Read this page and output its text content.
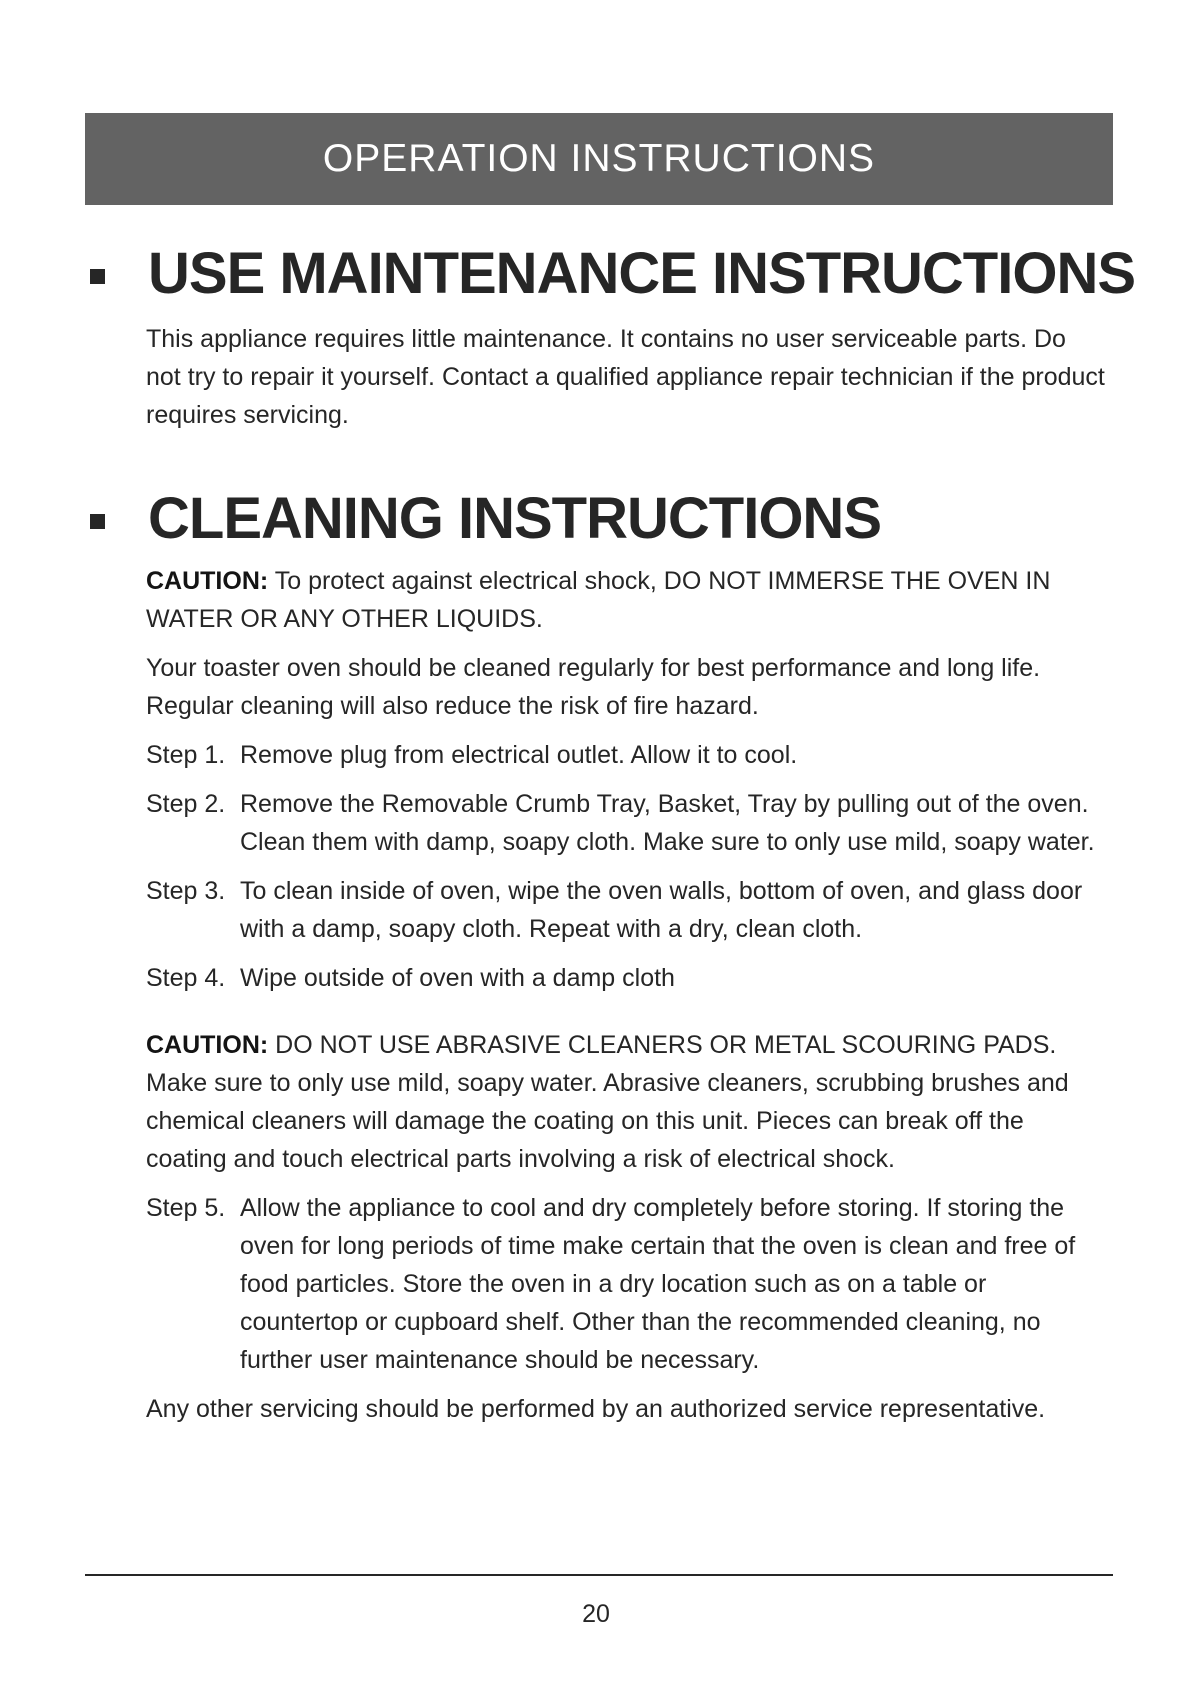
OPERATION INSTRUCTIONS
USE MAINTENANCE INSTRUCTIONS

This appliance requires little maintenance. It contains no user serviceable parts. Do not try to repair it yourself. Contact a qualified appliance repair technician if the product requires servicing.

CLEANING INSTRUCTIONS

CAUTION: To protect against electrical shock, DO NOT IMMERSE THE OVEN IN WATER OR ANY OTHER LIQUIDS.

Your toaster oven should be cleaned regularly for best performance and long life. Regular cleaning will also reduce the risk of fire hazard.

Step 1. Remove plug from electrical outlet. Allow it to cool.
Step 2. Remove the Removable Crumb Tray, Basket, Tray by pulling out of the oven. Clean them with damp, soapy cloth. Make sure to only use mild, soapy water.
Step 3. To clean inside of oven, wipe the oven walls, bottom of oven, and glass door with a damp, soapy cloth. Repeat with a dry, clean cloth.
Step 4. Wipe outside of oven with a damp cloth

CAUTION: DO NOT USE ABRASIVE CLEANERS OR METAL SCOURING PADS. Make sure to only use mild, soapy water. Abrasive cleaners, scrubbing brushes and chemical cleaners will damage the coating on this unit. Pieces can break off the coating and touch electrical parts involving a risk of electrical shock.

Step 5. Allow the appliance to cool and dry completely before storing. If storing the oven for long periods of time make certain that the oven is clean and free of food particles. Store the oven in a dry location such as on a table or countertop or cupboard shelf. Other than the recommended cleaning, no further user maintenance should be necessary.

Any other servicing should be performed by an authorized service representative.

20
